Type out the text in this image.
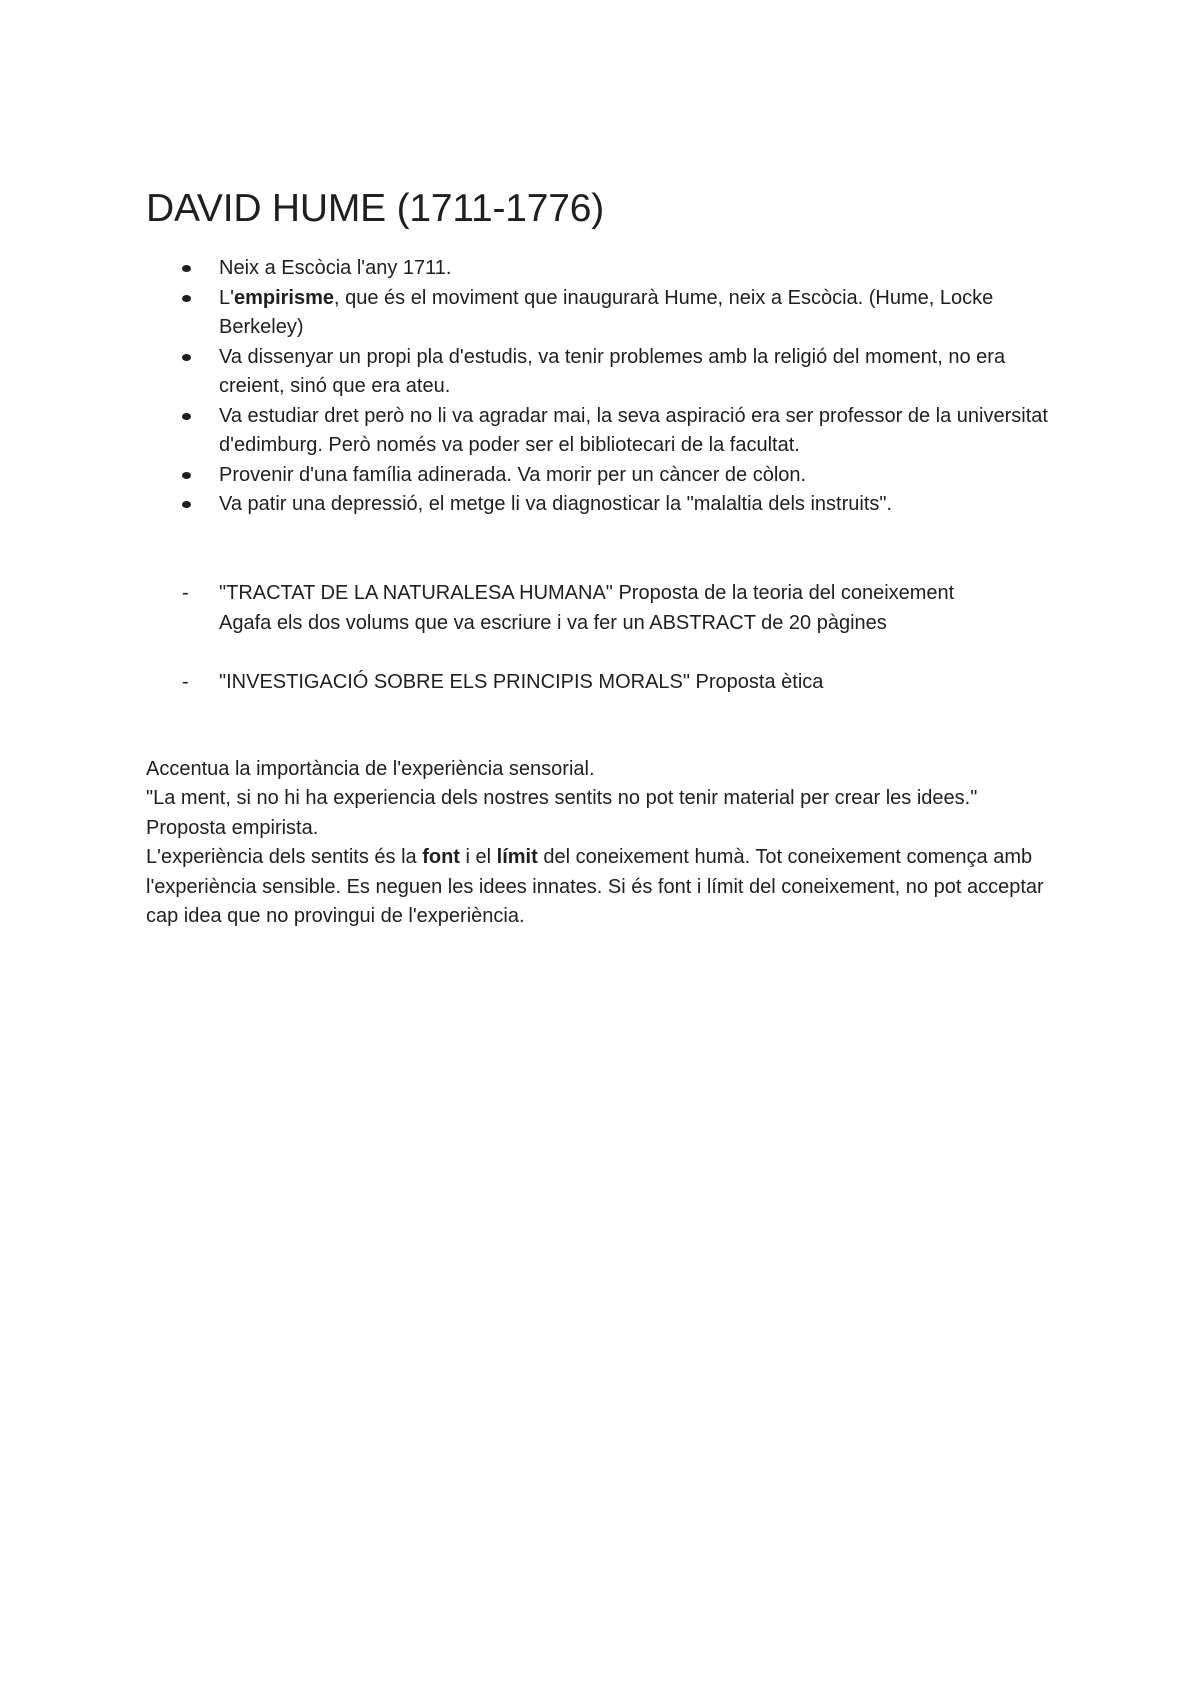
DAVID HUME (1711-1776)
Neix a Escòcia l'any 1711.
L'empirisme, que és el moviment que inaugurarà Hume, neix a Escòcia. (Hume, Locke Berkeley)
Va dissenyar un propi pla d'estudis, va tenir problemes amb la religió del moment, no era creient, sinó que era ateu.
Va estudiar dret però no li va agradar mai, la seva aspiració era ser professor de la universitat d'edimburg. Però només va poder ser el bibliotecari de la facultat.
Provenir d'una família adinerada. Va morir per un càncer de còlon.
Va patir una depressió, el metge li va diagnosticar la "malaltia dels instruits".
- "TRACTAT DE LA NATURALESA HUMANA" Proposta de la teoria del coneixement
Agafa els dos volums que va escriure i va fer un ABSTRACT de 20 pàgines
- "INVESTIGACIÓ SOBRE ELS PRINCIPIS MORALS" Proposta ètica

Accentua la importància de l'experiència sensorial.

"La ment, si no hi ha experiencia dels nostres sentits no pot tenir material per crear les idees."

Proposta empirista.

L'experiència dels sentits és la font i el límit del coneixement humà. Tot coneixement comença amb l'experiència sensible. Es neguen les idees innates. Si és font i límit del coneixement, no pot acceptar cap idea que no provingui de l'experiència.
